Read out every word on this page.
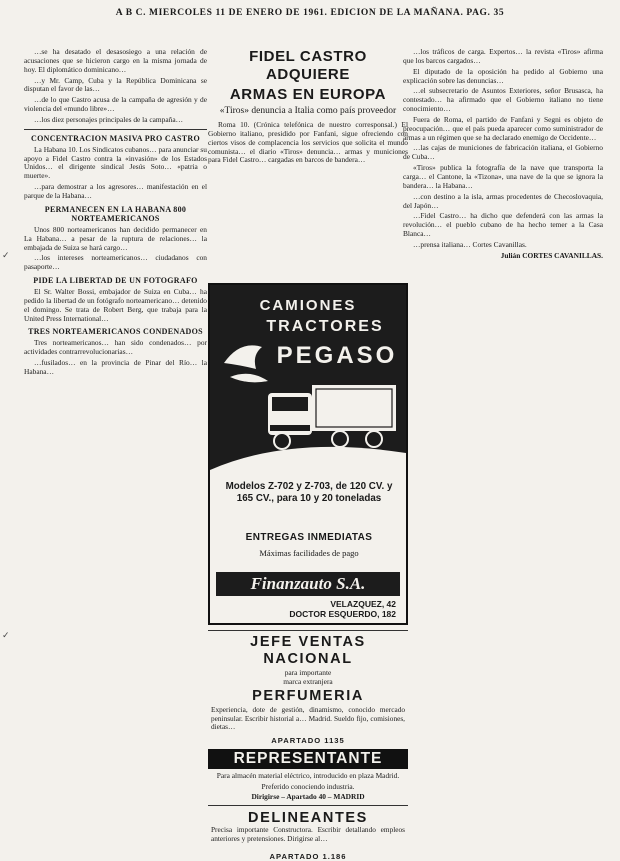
A B C. MIERCOLES 11 DE ENERO DE 1961. EDICION DE LA MAÑANA. PAG. 35

…se ha desatado el desasosiego a una relación de acusaciones que se hicieron cargo en la misma jornada de hoy. El diplomático dominicano…

…y Mr. Camp, Cuba y la República Dominicana se disputan el favor de las…

…de lo que Castro acusa de la campaña de agresión y de violencia del «mundo libre»…

…los diez personajes principales de la campaña…

CONCENTRACION MASIVA PRO CASTRO

La Habana 10. Los Sindicatos cubanos… para anunciar su apoyo a Fidel Castro contra la «invasión» de los Estados Unidos… el dirigente sindical Jesús Soto… «patria o muerte».

…para demostrar a los agresores… manifestación en el parque de la Habana…

PERMANECEN EN LA HABANA 800 NORTEAMERICANOS

Unos 800 norteamericanos han decidido permanecer en La Habana… a pesar de la ruptura de relaciones… la embajada de Suiza se hará cargo…

…los intereses norteamericanos… ciudadanos con pasaporte…

PIDE LA LIBERTAD DE UN FOTOGRAFO

El Sr. Walter Bossi, embajador de Suiza en Cuba… ha pedido la libertad de un fotógrafo norteamericano… detenido el domingo. Se trata de Robert Berg, que trabaja para la United Press International…

TRES NORTEAMERICANOS CONDENADOS

Tres norteamericanos… han sido condenados… por actividades contrarrevolucionarias…

…fusilados… en la provincia de Pinar del Río… la Habana…

FIDEL CASTRO ADQUIERE
ARMAS EN EUROPA
«Tiros» denuncia a Italia como país proveedor

Roma 10. (Crónica telefónica de nuestro corresponsal.) El Gobierno italiano, presidido por Fanfani, sigue ofreciendo con ciertos visos de complacencia los servicios que solicita el mundo comunista… el diario «Tiros» denuncia… armas y municiones para Fidel Castro… cargadas en barcos de bandera…

CAMIONES
TRACTORES
PEGASO
Modelos Z-702 y Z-703, de 120 CV. y 165 CV., para 10 y 20 toneladas
ENTREGAS INMEDIATAS
Máximas facilidades de pago
Finanzauto S.A.
VELAZQUEZ, 42
DOCTOR ESQUERDO, 182
JEFE VENTAS
NACIONAL
para importante
marca extranjera
PERFUMERIA
Experiencia, dote de gestión, dinamismo, conocido mercado peninsular. Escribir historial a… Madrid. Sueldo fijo, comisiones, dietas…
APARTADO 1135
REPRESENTANTE
Para almacén material eléctrico, introducido en plaza Madrid.
Preferido conociendo industria.
Dirigirse – Apartado 40 – MADRID
DELINEANTES
Precisa importante Constructora. Escribir detallando empleos anteriores y pretensiones. Dirigirse al…
APARTADO 1.186

…los tráficos de carga. Expertos… la revista «Tiros» afirma que los barcos cargados…

El diputado de la oposición ha pedido al Gobierno una explicación sobre las denuncias…

…el subsecretario de Asuntos Exteriores, señor Brusasca, ha contestado… ha afirmado que el Gobierno italiano no tiene conocimiento…

Fuera de Roma, el partido de Fanfani y Segni es objeto de preocupación… que el país pueda aparecer como suministrador de armas a un régimen que se ha declarado enemigo de Occidente…

…las cajas de municiones de fabricación italiana, el Gobierno de Cuba…

«Tiros» publica la fotografía de la nave que transporta la carga… el Cantone, la «Tizona», una nave de la que se ignora la bandera… la Habana…

…con destino a la isla, armas procedentes de Checoslovaquia, del Japón…

…Fidel Castro… ha dicho que defenderá con las armas la revolución… el pueblo cubano de ha hecho temer a la Casa Blanca…

…prensa italiana… Cortes Cavanillas.

Julián CORTES CAVANILLAS.

✓
✓
